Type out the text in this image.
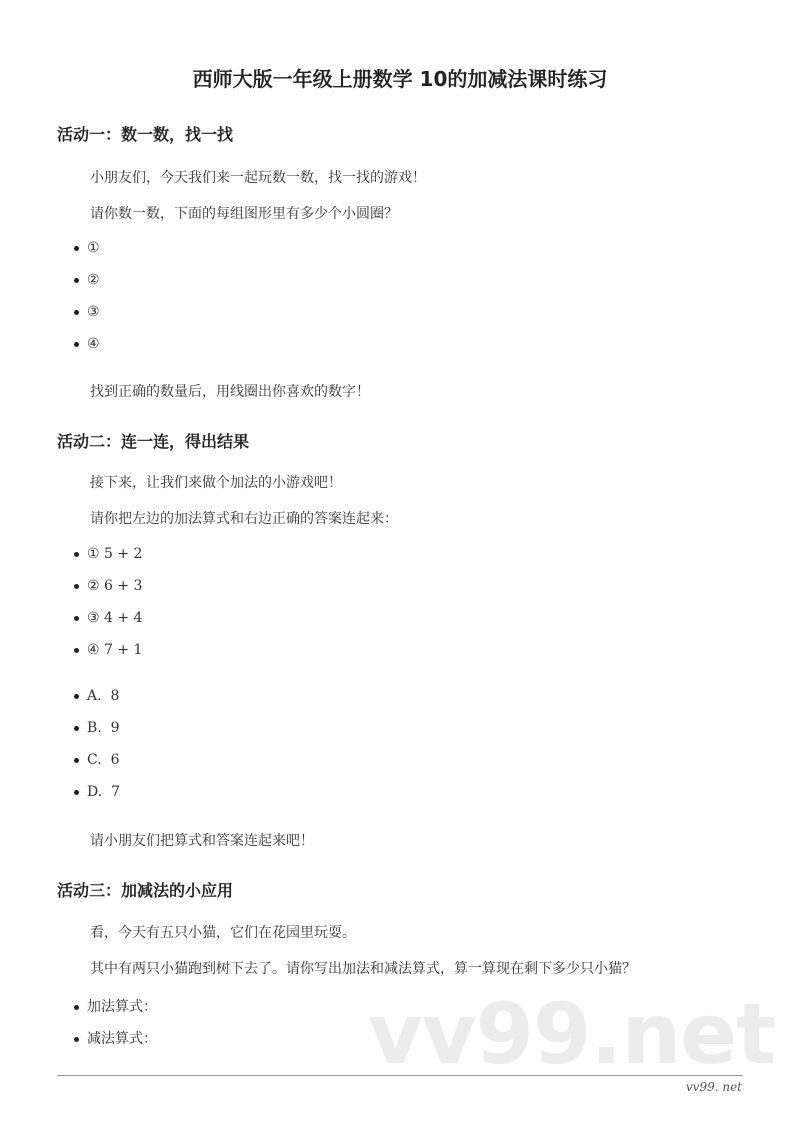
vv99.net
西师大版一年级上册数学 10的加减法课时练习
活动一：数一数，找一找
小朋友们，今天我们来一起玩数一数，找一找的游戏！
请你数一数，下面的每组图形里有多少个小圆圈？
①
②
③
④
找到正确的数量后，用线圈出你喜欢的数字！
活动二：连一连，得出结果
接下来，让我们来做个加法的小游戏吧！
请你把左边的加法算式和右边正确的答案连起来：
① 5 + 2
② 6 + 3
③ 4 + 4
④ 7 + 1
A.  8
B.  9
C.  6
D.  7
请小朋友们把算式和答案连起来吧！
活动三：加减法的小应用
看，今天有五只小猫，它们在花园里玩耍。
其中有两只小猫跑到树下去了。请你写出加法和减法算式，算一算现在剩下多少只小猫？
加法算式：
减法算式：
vv99. net
